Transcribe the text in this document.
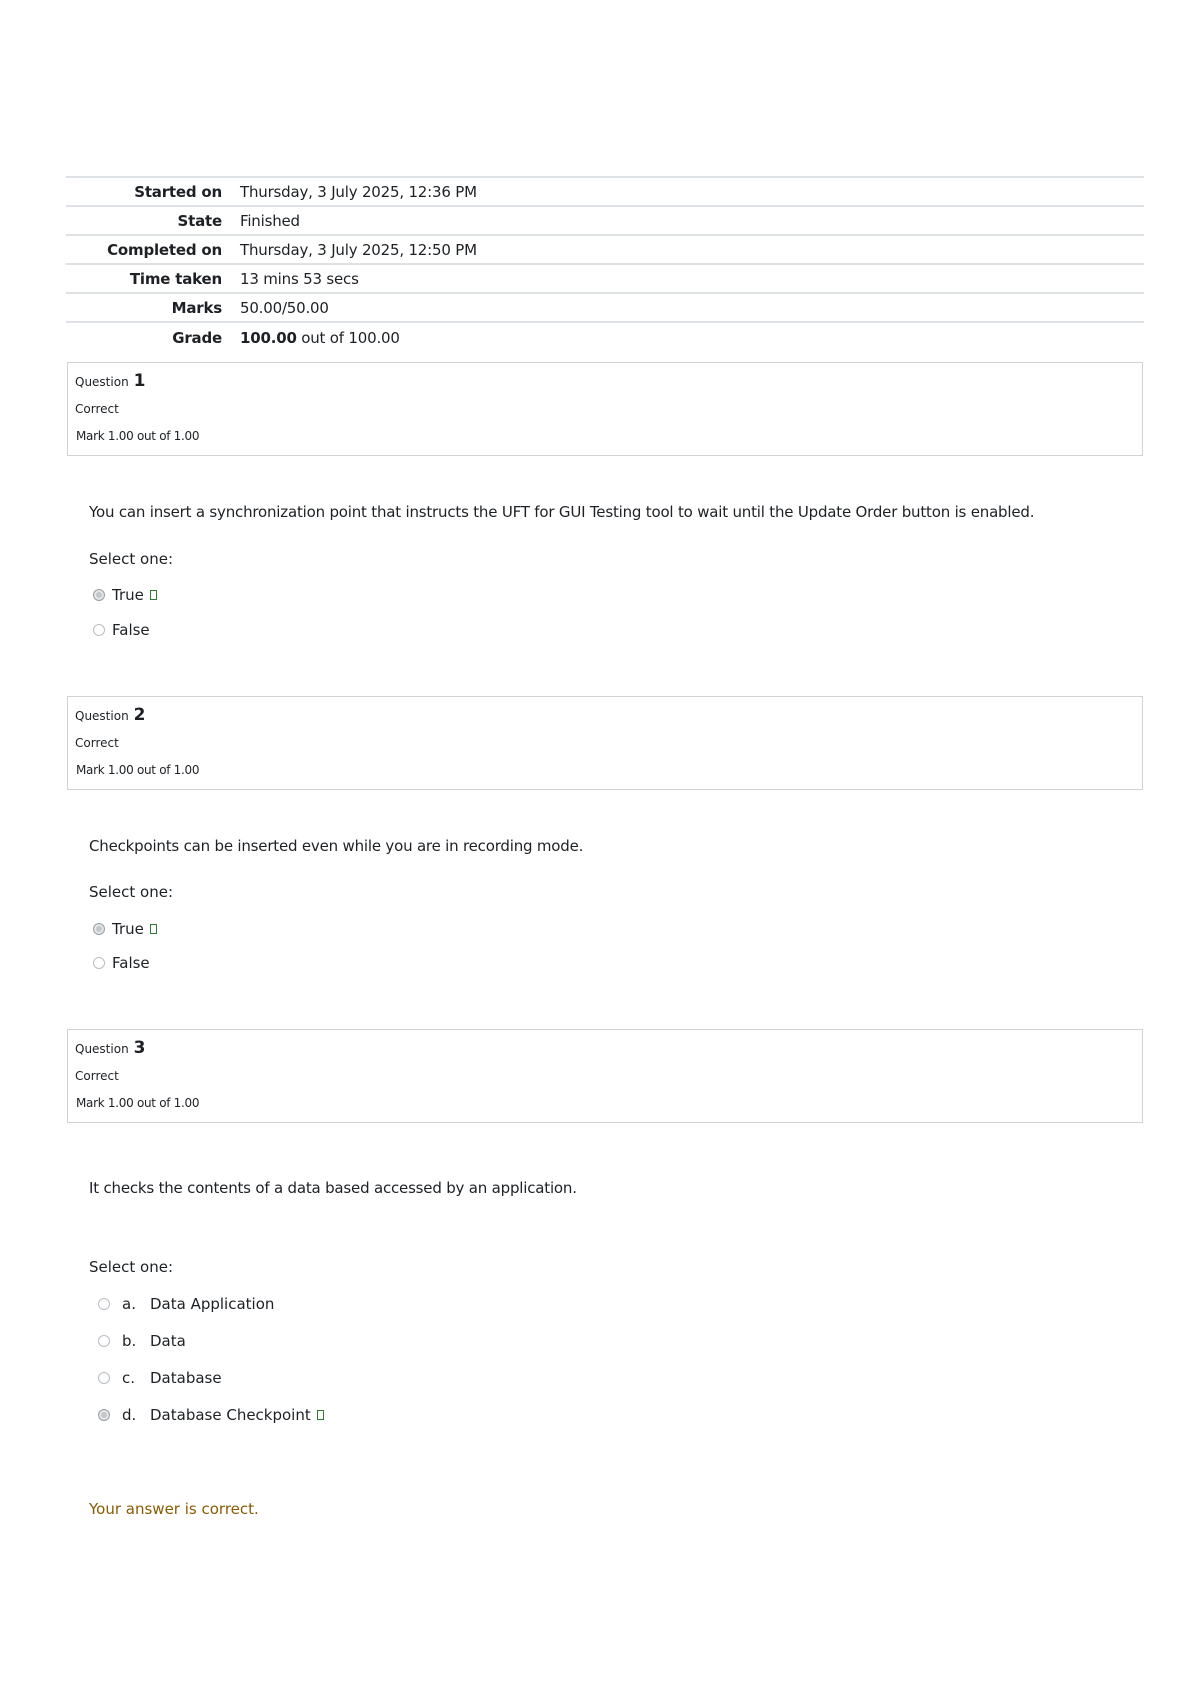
Started on Thursday, 3 July 2025, 12:36 PM
State Finished
Completed on Thursday, 3 July 2025, 12:50 PM
Time taken 13 mins 53 secs
Marks 50.00/50.00
Grade 100.00 out of 100.00
Question 1
Correct
Mark 1.00 out of 1.00
You can insert a synchronization point that instructs the UFT for GUI Testing tool to wait until the Update Order button is enabled.
Select one:
True
False
Question 2
Correct
Mark 1.00 out of 1.00
Checkpoints can be inserted even while you are in recording mode.
Select one:
True
False
Question 3
Correct
Mark 1.00 out of 1.00
It checks the contents of a data based accessed by an application.
Select one:
a. Data Application
b. Data
c. Database
d. Database Checkpoint
Your answer is correct.
